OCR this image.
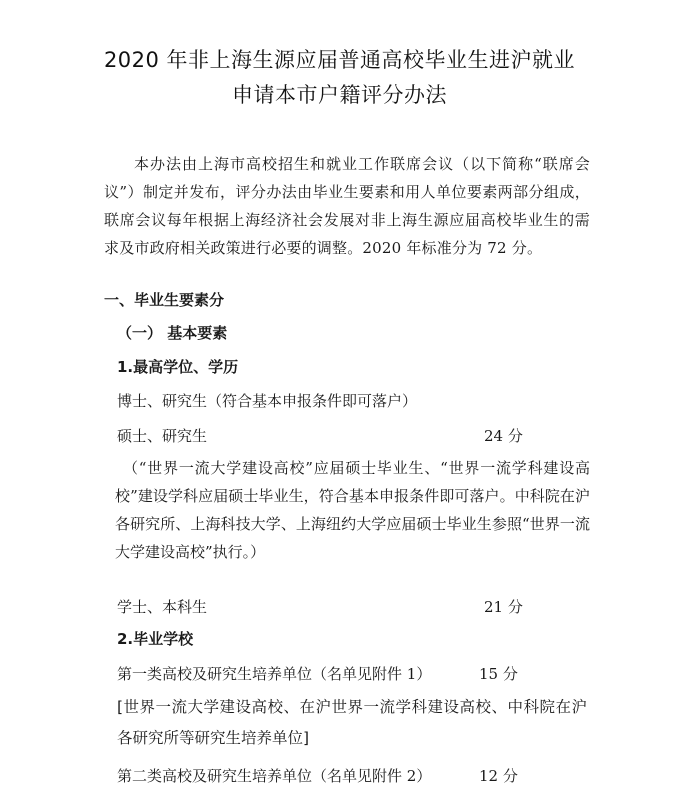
2020 年非上海生源应届普通高校毕业生进沪就业
申请本市户籍评分办法
本办法由上海市高校招生和就业工作联席会议（以下简称“联席会议”）制定并发布，评分办法由毕业生要素和用人单位要素两部分组成，联席会议每年根据上海经济社会发展对非上海生源应届高校毕业生的需求及市政府相关政策进行必要的调整。2020 年标准分为 72 分。
一、毕业生要素分
（一） 基本要素
1.最高学位、学历
博士、研究生（符合基本申报条件即可落户）
硕士、研究生	24 分
（“世界一流大学建设高校”应届硕士毕业生、“世界一流学科建设高校”建设学科应届硕士毕业生，符合基本申报条件即可落户。中科院在沪各研究所、上海科技大学、上海纽约大学应届硕士毕业生参照“世界一流大学建设高校”执行。）
学士、本科生	21 分
2.毕业学校
第一类高校及研究生培养单位（名单见附件 1）	15 分
[世界一流大学建设高校、在沪世界一流学科建设高校、中科院在沪各研究所等研究生培养单位]
第二类高校及研究生培养单位（名单见附件 2）	12 分
